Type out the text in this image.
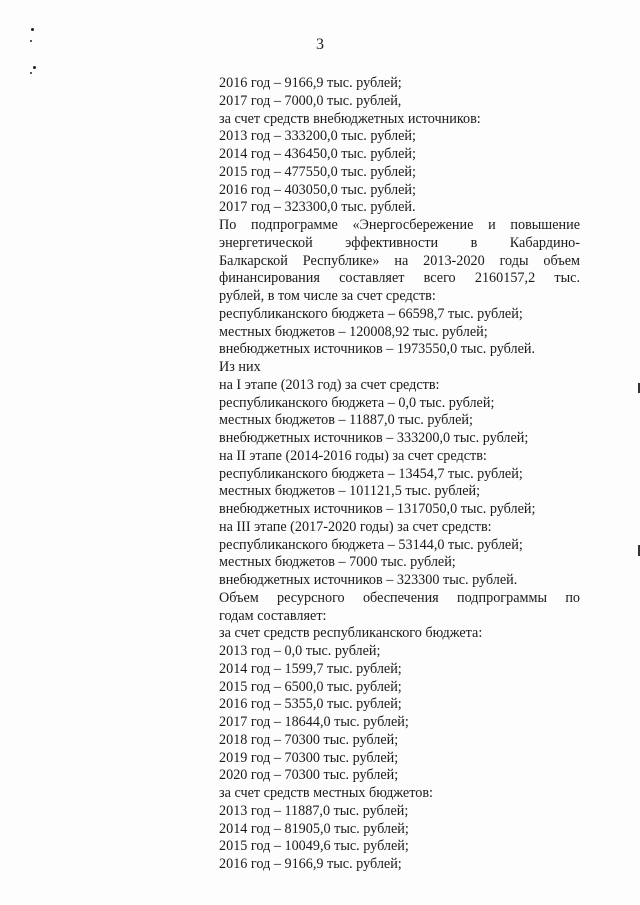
3
2016 год – 9166,9 тыс. рублей;
2017 год – 7000,0 тыс. рублей,
за счет средств внебюджетных источников:
2013 год – 333200,0 тыс. рублей;
2014 год – 436450,0 тыс. рублей;
2015 год – 477550,0 тыс. рублей;
2016 год – 403050,0 тыс. рублей;
2017 год – 323300,0 тыс. рублей.
По подпрограмме «Энергосбережение и повышение
энергетической эффективности в Кабардино-
Балкарской Республике» на 2013-2020 годы объем
финансирования составляет всего 2160157,2 тыс.
рублей, в том числе за счет средств:
республиканского бюджета – 66598,7 тыс. рублей;
местных бюджетов – 120008,92 тыс. рублей;
внебюджетных источников – 1973550,0 тыс. рублей.
Из них
на I этапе (2013 год) за счет средств:
республиканского бюджета – 0,0 тыс. рублей;
местных бюджетов – 11887,0 тыс. рублей;
внебюджетных источников – 333200,0 тыс. рублей;
на II этапе (2014-2016 годы) за счет средств:
республиканского бюджета – 13454,7 тыс. рублей;
местных бюджетов – 101121,5 тыс. рублей;
внебюджетных источников – 1317050,0 тыс. рублей;
на III этапе (2017-2020 годы) за счет средств:
республиканского бюджета – 53144,0 тыс. рублей;
местных бюджетов – 7000 тыс. рублей;
внебюджетных источников – 323300 тыс. рублей.
Объем ресурсного обеспечения подпрограммы по
годам составляет:
за счет средств республиканского бюджета:
2013 год – 0,0 тыс. рублей;
2014 год – 1599,7 тыс. рублей;
2015 год – 6500,0 тыс. рублей;
2016 год – 5355,0 тыс. рублей;
2017 год – 18644,0 тыс. рублей;
2018 год – 70300 тыс. рублей;
2019 год – 70300 тыс. рублей;
2020 год – 70300 тыс. рублей;
за счет средств местных бюджетов:
2013 год – 11887,0 тыс. рублей;
2014 год – 81905,0 тыс. рублей;
2015 год – 10049,6 тыс. рублей;
2016 год – 9166,9 тыс. рублей;
